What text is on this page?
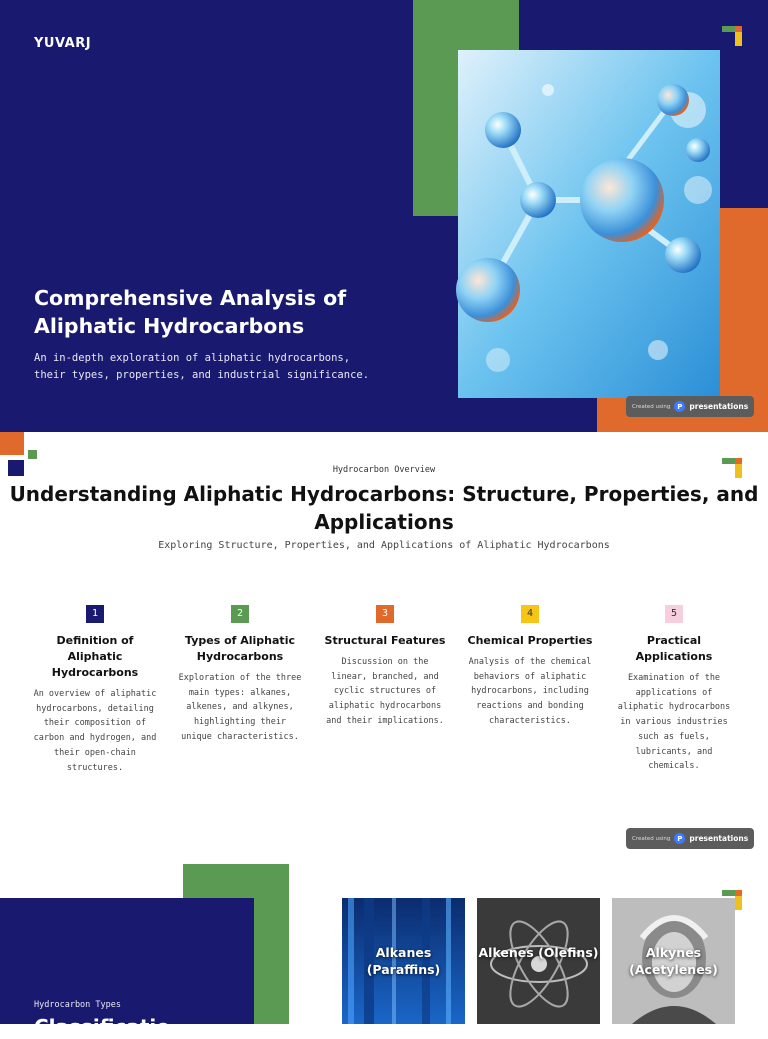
YUVARJ
Comprehensive Analysis of Aliphatic Hydrocarbons

An in-depth exploration of aliphatic hydrocarbons, their types, properties, and industrial significance.

Created using P presentations
Hydrocarbon Overview
Understanding Aliphatic Hydrocarbons: Structure, Properties, and Applications
Exploring Structure, Properties, and Applications of Aliphatic Hydrocarbons
1
Definition of Aliphatic Hydrocarbons

An overview of aliphatic hydrocarbons, detailing their composition of carbon and hydrogen, and their open-chain structures.

2
Types of Aliphatic Hydrocarbons

Exploration of the three main types: alkanes, alkenes, and alkynes, highlighting their unique characteristics.

3
Structural Features

Discussion on the linear, branched, and cyclic structures of aliphatic hydrocarbons and their implications.

4
Chemical Properties

Analysis of the chemical behaviors of aliphatic hydrocarbons, including reactions and bonding characteristics.

5
Practical Applications

Examination of the applications of aliphatic hydrocarbons in various industries such as fuels, lubricants, and chemicals.

Created using P presentations
Hydrocarbon Types
Classificatio
Alkanes (Paraffins)
Alkenes (Olefins)	Alkynes (Acetylenes)
